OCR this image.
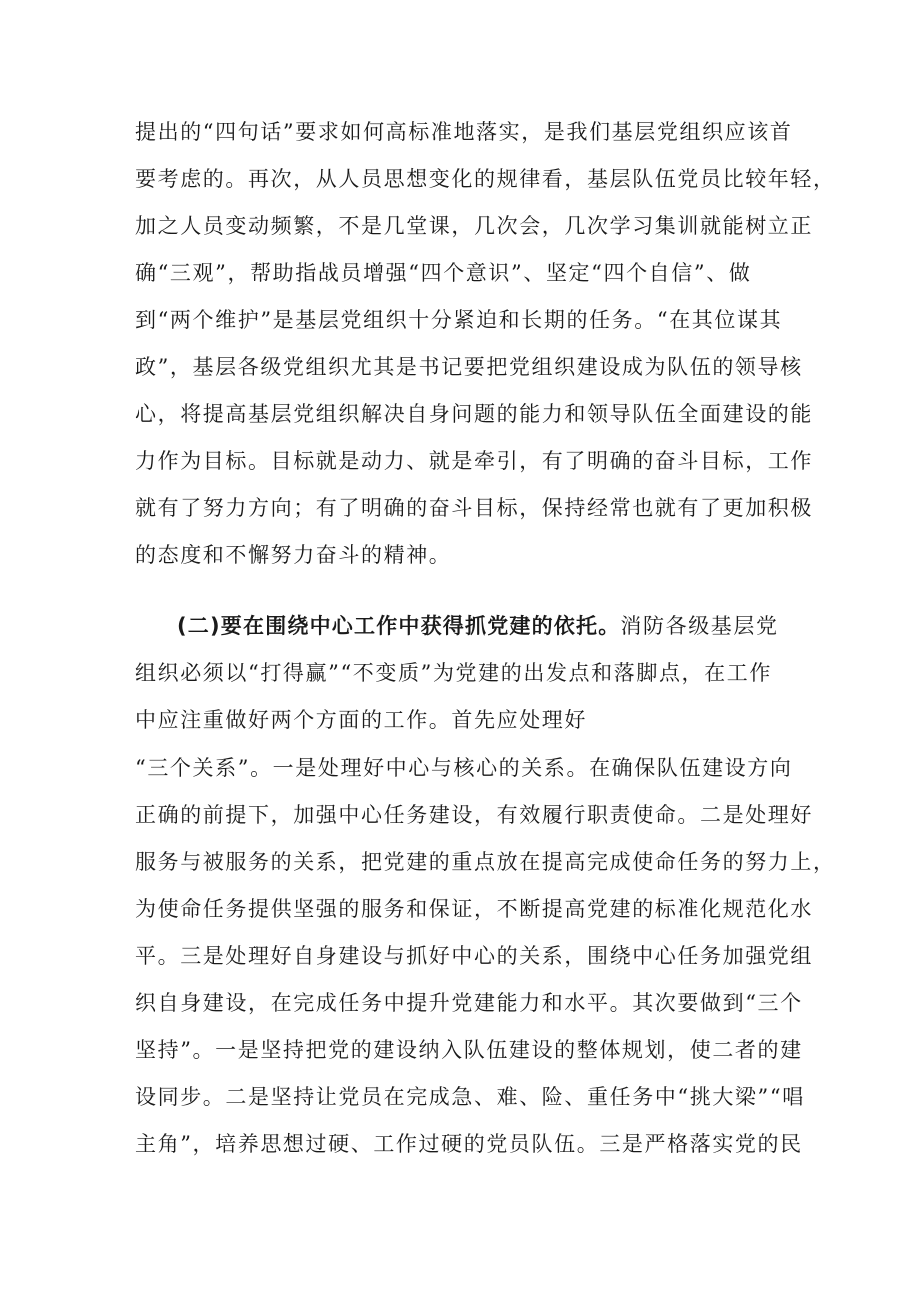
提出的“四句话”要求如何高标准地落实，是我们基层党组织应该首
要考虑的。再次，从人员思想变化的规律看，基层队伍党员比较年轻，
加之人员变动频繁，不是几堂课，几次会，几次学习集训就能树立正
确“三观”，帮助指战员增强“四个意识”、坚定“四个自信”、做
到“两个维护”是基层党组织十分紧迫和长期的任务。“在其位谋其
政”，基层各级党组织尤其是书记要把党组织建设成为队伍的领导核
心，将提高基层党组织解决自身问题的能力和领导队伍全面建设的能
力作为目标。目标就是动力、就是牵引，有了明确的奋斗目标，工作
就有了努力方向；有了明确的奋斗目标，保持经常也就有了更加积极
的态度和不懈努力奋斗的精神。
(二)要在围绕中心工作中获得抓党建的依托。消防各级基层党
组织必须以“打得赢”“不变质”为党建的出发点和落脚点，在工作
中应注重做好两个方面的工作。首先应处理好
“三个关系”。一是处理好中心与核心的关系。在确保队伍建设方向
正确的前提下，加强中心任务建设，有效履行职责使命。二是处理好
服务与被服务的关系，把党建的重点放在提高完成使命任务的努力上，
为使命任务提供坚强的服务和保证，不断提高党建的标准化规范化水
平。三是处理好自身建设与抓好中心的关系，围绕中心任务加强党组
织自身建设，在完成任务中提升党建能力和水平。其次要做到“三个
坚持”。一是坚持把党的建设纳入队伍建设的整体规划，使二者的建
设同步。二是坚持让党员在完成急、难、险、重任务中“挑大梁”“唱
主角”，培养思想过硬、工作过硬的党员队伍。三是严格落实党的民
